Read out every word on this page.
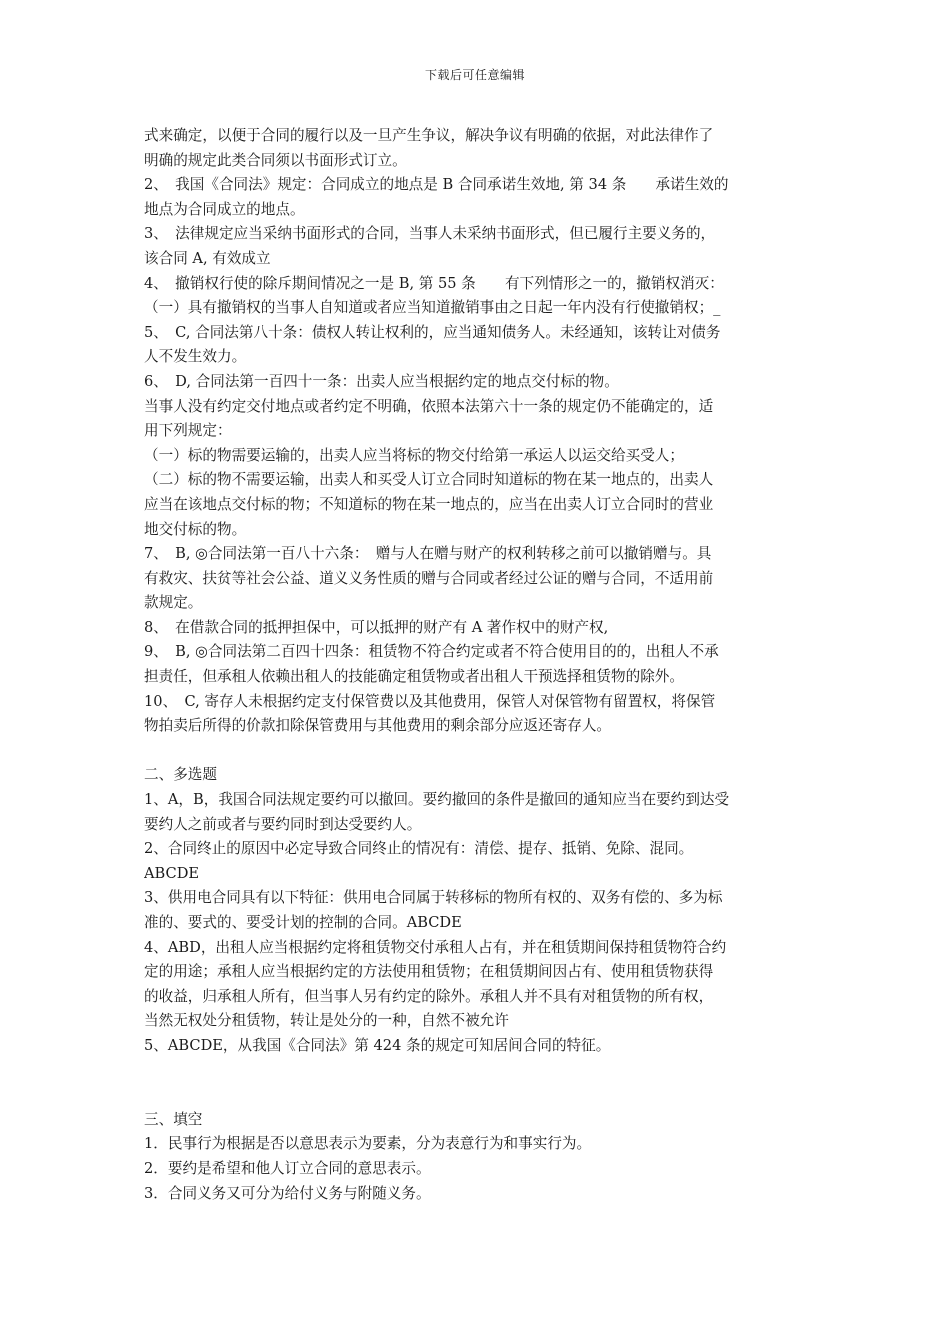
下载后可任意编辑
式来确定，以便于合同的履行以及一旦产生争议，解决争议有明确的依据，对此法律作了
明确的规定此类合同须以书面形式订立。
2、　我国《合同法》规定：合同成立的地点是 B 合同承诺生效地, 第 34 条　　承诺生效的
地点为合同成立的地点。
3、　法律规定应当采纳书面形式的合同，当事人未采纳书面形式，但已履行主要义务的，
该合同 A, 有效成立
4、　撤销权行使的除斥期间情况之一是 B, 第 55 条　　有下列情形之一的，撤销权消灭：
（一）具有撤销权的当事人自知道或者应当知道撤销事由之日起一年内没有行使撤销权；_
5、　C, 合同法第八十条：债权人转让权利的，应当通知债务人。未经通知，该转让对债务
人不发生效力。
6、　D, 合同法第一百四十一条：出卖人应当根据约定的地点交付标的物。
当事人没有约定交付地点或者约定不明确，依照本法第六十一条的规定仍不能确定的，适
用下列规定：
（一）标的物需要运输的，出卖人应当将标的物交付给第一承运人以运交给买受人；
（二）标的物不需要运输，出卖人和买受人订立合同时知道标的物在某一地点的，出卖人
应当在该地点交付标的物；不知道标的物在某一地点的，应当在出卖人订立合同时的营业
地交付标的物。
7、　B, ◎合同法第一百八十六条：　赠与人在赠与财产的权利转移之前可以撤销赠与。具
有救灾、扶贫等社会公益、道义义务性质的赠与合同或者经过公证的赠与合同，不适用前
款规定。
8、　在借款合同的抵押担保中，可以抵押的财产有 A 著作权中的财产权,
9、　B, ◎合同法第二百四十四条：租赁物不符合约定或者不符合使用目的的，出租人不承
担责任，但承租人依赖出租人的技能确定租赁物或者出租人干预选择租赁物的除外。
10、　C, 寄存人未根据约定支付保管费以及其他费用，保管人对保管物有留置权，将保管
物拍卖后所得的价款扣除保管费用与其他费用的剩余部分应返还寄存人。
二、多选题
1、A，B，我国合同法规定要约可以撤回。要约撤回的条件是撤回的通知应当在要约到达受
要约人之前或者与要约同时到达受要约人。
2、合同终止的原因中必定导致合同终止的情况有：清偿、提存、抵销、免除、混同。
ABCDE
3、供用电合同具有以下特征：供用电合同属于转移标的物所有权的、双务有偿的、多为标
准的、要式的、要受计划的控制的合同。ABCDE
4、ABD，出租人应当根据约定将租赁物交付承租人占有，并在租赁期间保持租赁物符合约
定的用途；承租人应当根据约定的方法使用租赁物；在租赁期间因占有、使用租赁物获得
的收益，归承租人所有，但当事人另有约定的除外。承租人并不具有对租赁物的所有权，
当然无权处分租赁物，转让是处分的一种，自然不被允许
5、ABCDE，从我国《合同法》第 424 条的规定可知居间合同的特征。
三、填空
1．民事行为根据是否以意思表示为要素，分为表意行为和事实行为。
2．要约是希望和他人订立合同的意思表示。
3．合同义务又可分为给付义务与附随义务。
